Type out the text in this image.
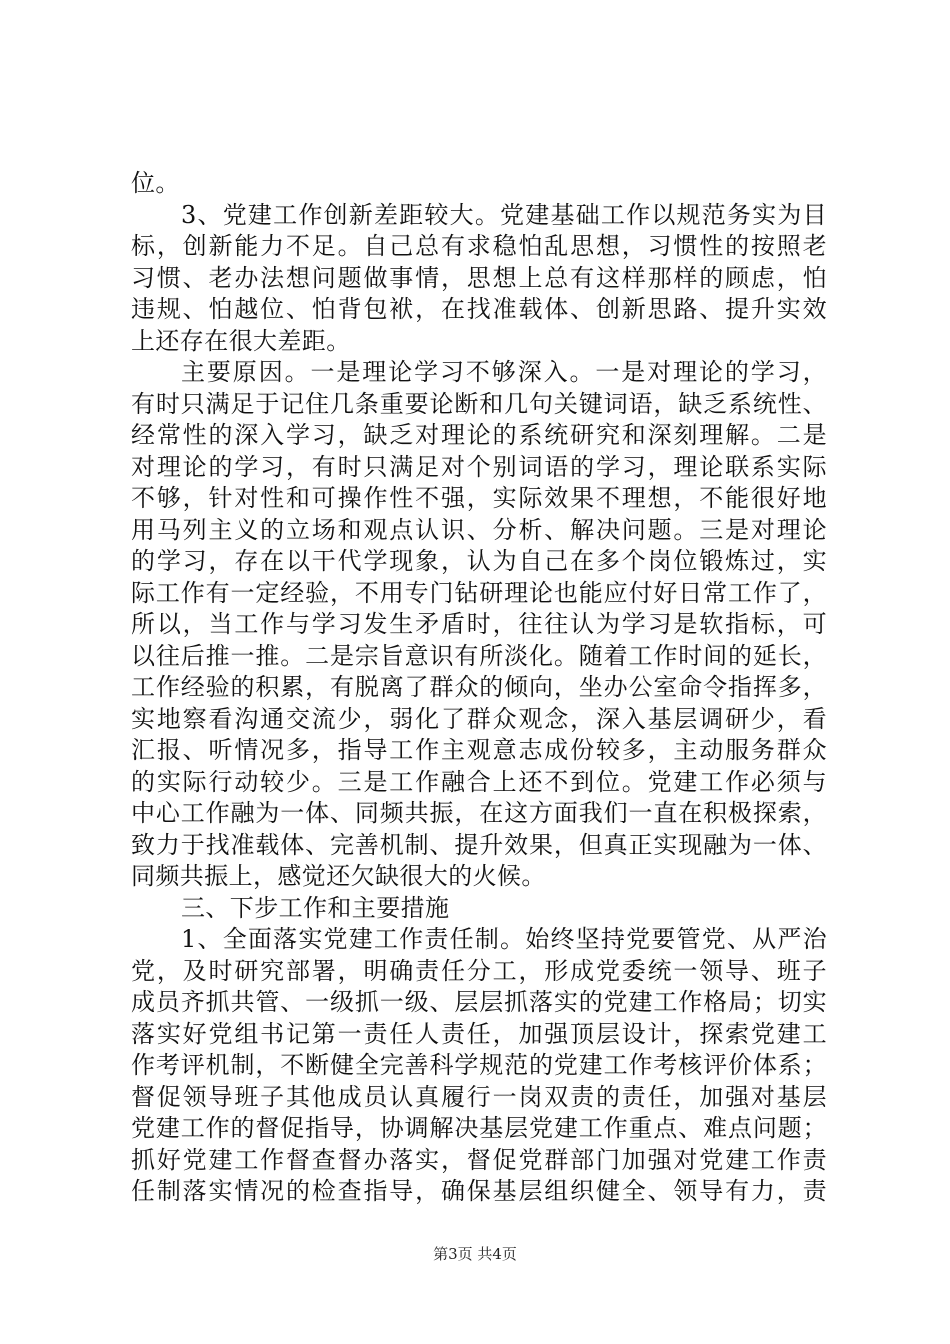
位。
3、党建工作创新差距较大。党建基础工作以规范务实为目
标，创新能力不足。自己总有求稳怕乱思想，习惯性的按照老
习惯、老办法想问题做事情，思想上总有这样那样的顾虑，怕
违规、怕越位、怕背包袱，在找准载体、创新思路、提升实效
上还存在很大差距。
主要原因。一是理论学习不够深入。一是对理论的学习，
有时只满足于记住几条重要论断和几句关键词语，缺乏系统性、
经常性的深入学习，缺乏对理论的系统研究和深刻理解。二是
对理论的学习，有时只满足对个别词语的学习，理论联系实际
不够，针对性和可操作性不强，实际效果不理想，不能很好地
用马列主义的立场和观点认识、分析、解决问题。三是对理论
的学习，存在以干代学现象，认为自己在多个岗位锻炼过，实
际工作有一定经验，不用专门钻研理论也能应付好日常工作了，
所以，当工作与学习发生矛盾时，往往认为学习是软指标，可
以往后推一推。二是宗旨意识有所淡化。随着工作时间的延长，
工作经验的积累，有脱离了群众的倾向，坐办公室命令指挥多，
实地察看沟通交流少，弱化了群众观念，深入基层调研少，看
汇报、听情况多，指导工作主观意志成份较多，主动服务群众
的实际行动较少。三是工作融合上还不到位。党建工作必须与
中心工作融为一体、同频共振，在这方面我们一直在积极探索，
致力于找准载体、完善机制、提升效果，但真正实现融为一体、
同频共振上，感觉还欠缺很大的火候。
三、下步工作和主要措施
1、全面落实党建工作责任制。始终坚持党要管党、从严治
党，及时研究部署，明确责任分工，形成党委统一领导、班子
成员齐抓共管、一级抓一级、层层抓落实的党建工作格局；切实
落实好党组书记第一责任人责任，加强顶层设计，探索党建工
作考评机制，不断健全完善科学规范的党建工作考核评价体系；
督促领导班子其他成员认真履行一岗双责的责任，加强对基层
党建工作的督促指导，协调解决基层党建工作重点、难点问题；
抓好党建工作督查督办落实，督促党群部门加强对党建工作责
任制落实情况的检查指导，确保基层组织健全、领导有力，责
第3页 共4页
